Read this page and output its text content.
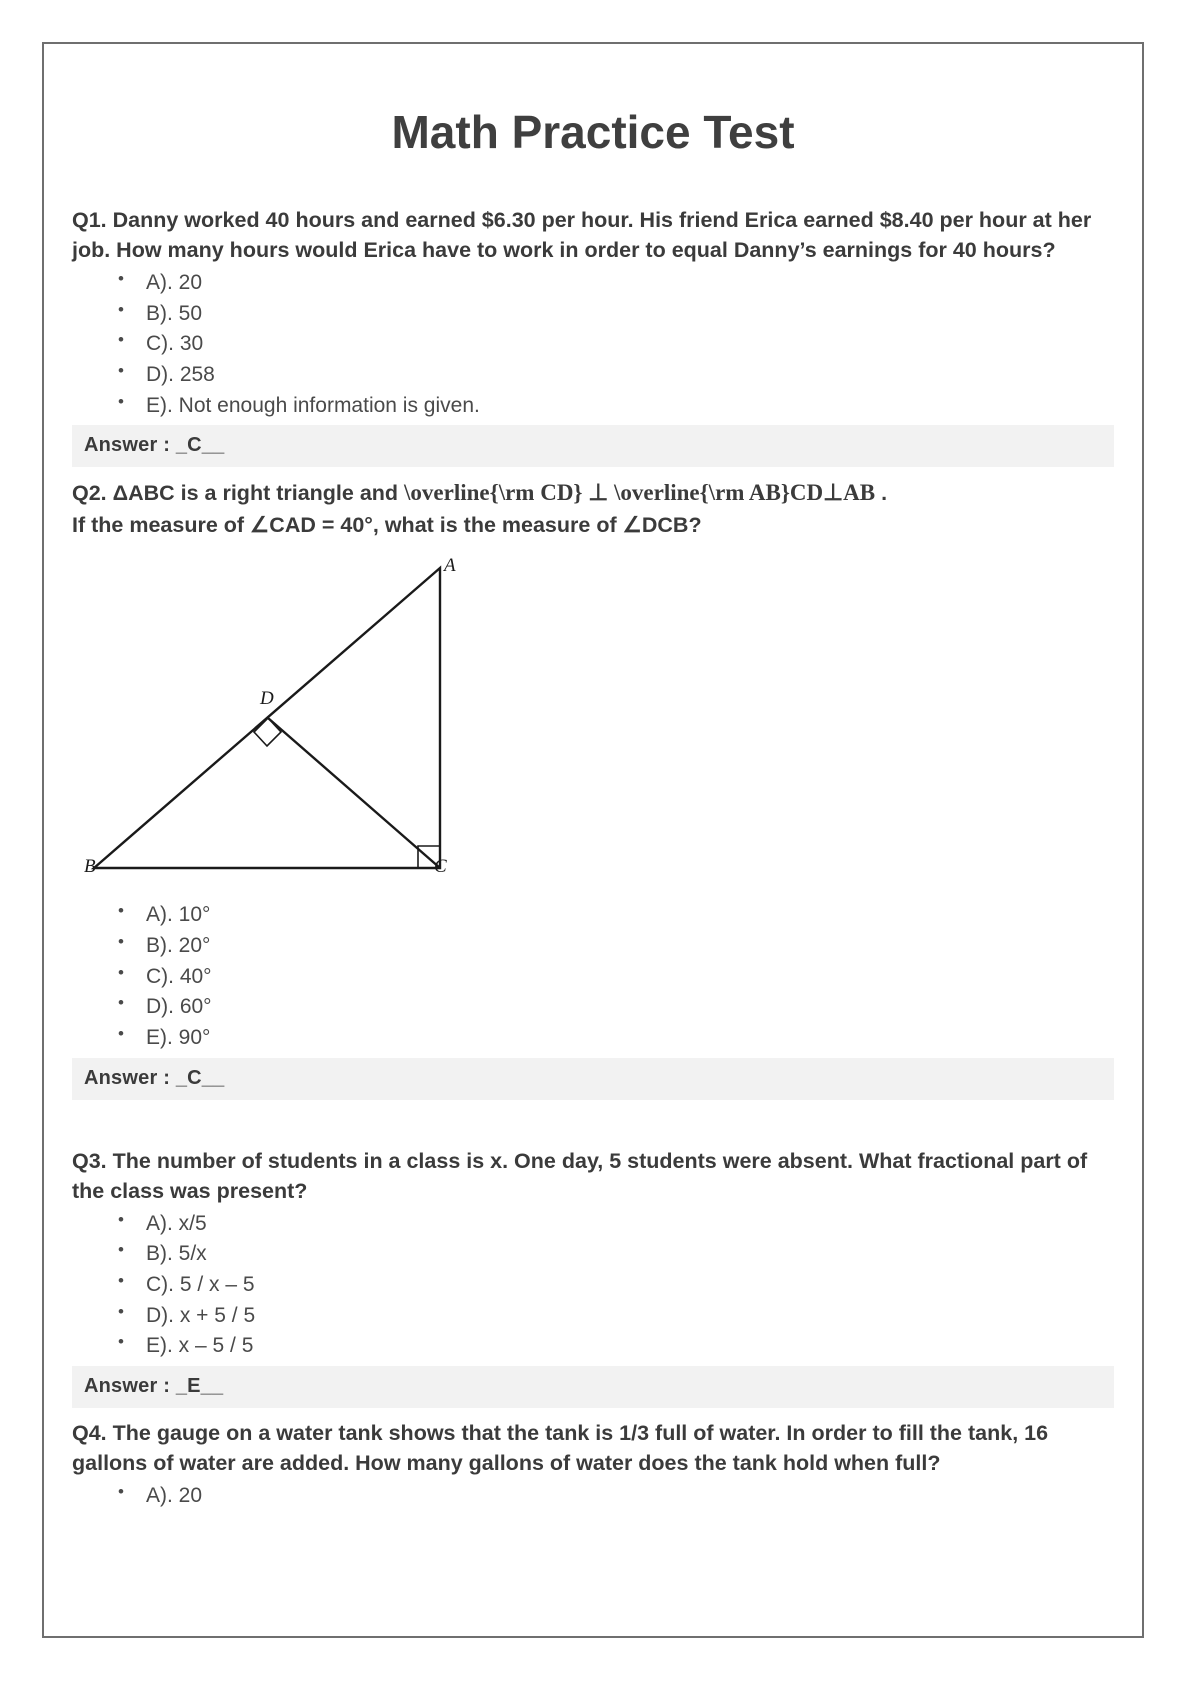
Math Practice Test

Q1. Danny worked 40 hours and earned $6.30 per hour. His friend Erica earned $8.40 per hour at her job. How many hours would Erica have to work in order to equal Danny’s earnings for 40 hours?

• A). 20
• B). 50
• C). 30
• D). 258
• E). Not enough information is given.
Answer : _C__

Q2. ΔABC is a right triangle and \overline{\rm CD} ⊥ \overline{\rm AB}CD⊥AB .
If the measure of ∠CAD = 40°, what is the measure of ∠DCB?

A
D
B	C
• A). 10°
• B). 20°
• C). 40°
• D). 60°
• E). 90°
Answer : _C__

Q3. The number of students in a class is x. One day, 5 students were absent. What fractional part of the class was present?

• A). x/5
• B). 5/x
• C). 5 / x – 5
• D). x + 5 / 5
• E). x – 5 / 5
Answer : _E__

Q4. The gauge on a water tank shows that the tank is 1/3 full of water. In order to fill the tank, 16 gallons of water are added. How many gallons of water does the tank hold when full?

• A). 20
